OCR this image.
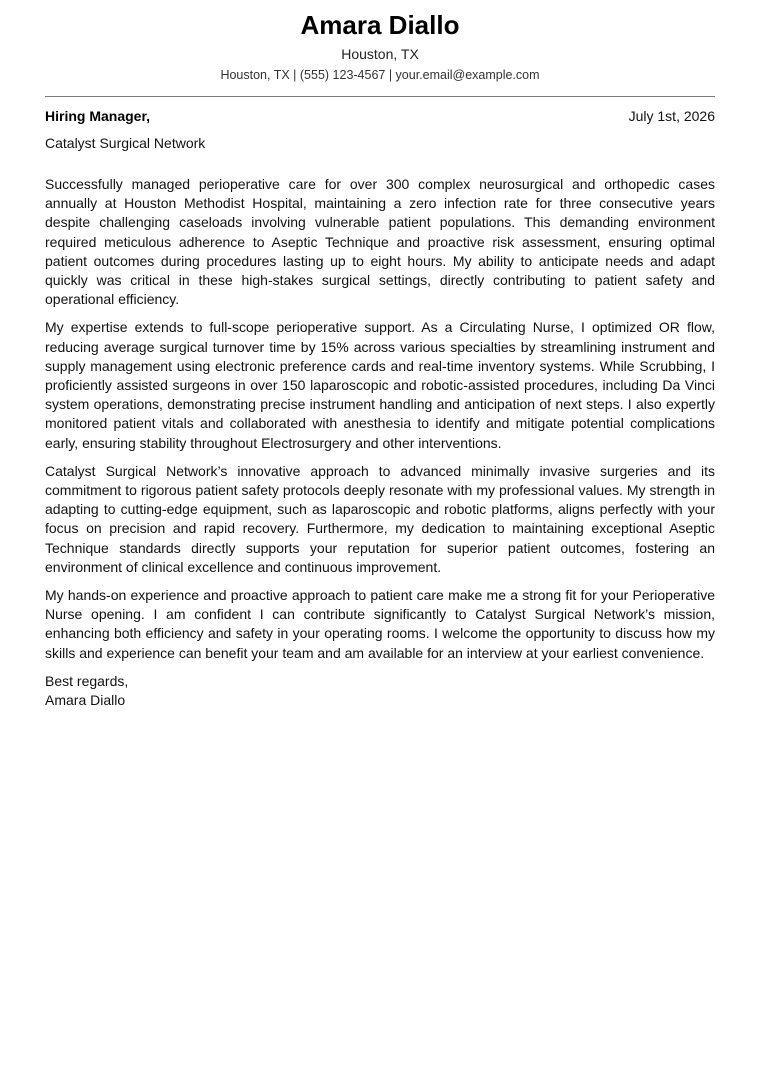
Amara Diallo
Houston, TX
Houston, TX | (555) 123-4567 | your.email@example.com
Hiring Manager,	July 1st, 2026
Catalyst Surgical Network

Successfully managed perioperative care for over 300 complex neurosurgical and orthopedic cases annually at Houston Methodist Hospital, maintaining a zero infection rate for three consecutive years despite challenging caseloads involving vulnerable patient populations. This demanding environment required meticulous adherence to Aseptic Technique and proactive risk assessment, ensuring optimal patient outcomes during procedures lasting up to eight hours. My ability to anticipate needs and adapt quickly was critical in these high-stakes surgical settings, directly contributing to patient safety and operational efficiency.

My expertise extends to full-scope perioperative support. As a Circulating Nurse, I optimized OR flow, reducing average surgical turnover time by 15% across various specialties by streamlining instrument and supply management using electronic preference cards and real-time inventory systems. While Scrubbing, I proficiently assisted surgeons in over 150 laparoscopic and robotic-assisted procedures, including Da Vinci system operations, demonstrating precise instrument handling and anticipation of next steps. I also expertly monitored patient vitals and collaborated with anesthesia to identify and mitigate potential complications early, ensuring stability throughout Electrosurgery and other interventions.

Catalyst Surgical Network’s innovative approach to advanced minimally invasive surgeries and its commitment to rigorous patient safety protocols deeply resonate with my professional values. My strength in adapting to cutting-edge equipment, such as laparoscopic and robotic platforms, aligns perfectly with your focus on precision and rapid recovery. Furthermore, my dedication to maintaining exceptional Aseptic Technique standards directly supports your reputation for superior patient outcomes, fostering an environment of clinical excellence and continuous improvement.

My hands-on experience and proactive approach to patient care make me a strong fit for your Perioperative Nurse opening. I am confident I can contribute significantly to Catalyst Surgical Network’s mission, enhancing both efficiency and safety in your operating rooms. I welcome the opportunity to discuss how my skills and experience can benefit your team and am available for an interview at your earliest convenience.

Best regards,
Amara Diallo
